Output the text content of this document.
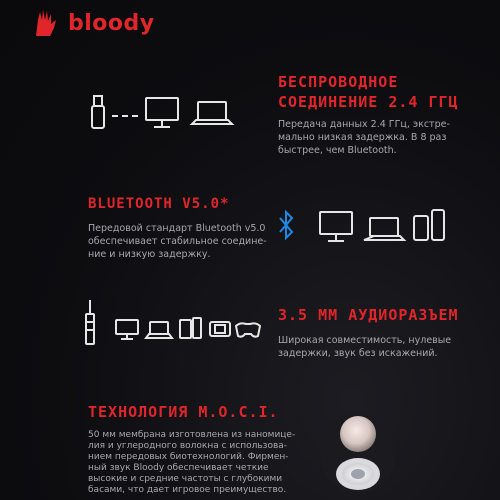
bloody
БЕСПРОВОДНОЕ
СОЕДИНЕНИЕ 2.4 ГГЦ
Передача данных 2.4 ГГц, экстре-
мально низкая задержка. В 8 раз
быстрее, чем Bluetooth.
BLUETOOTH V5.0*
Передовой стандарт Bluetooth v5.0
обеспечивает стабильное соедине-
ние и низкую задержку.
3.5 ММ АУДИОРАЗЪЕМ
Широкая совместимость, нулевые
задержки, звук без искажений.
ТЕХНОЛОГИЯ M.O.C.I.
50 мм мембрана изготовлена из наномице-
лия и углеродного волокна с использова-
нием передовых биотехнологий. Фирмен-
ный звук Bloody обеспечивает четкие
высокие и средние частоты с глубокими
басами, что дает игровое преимущество.
